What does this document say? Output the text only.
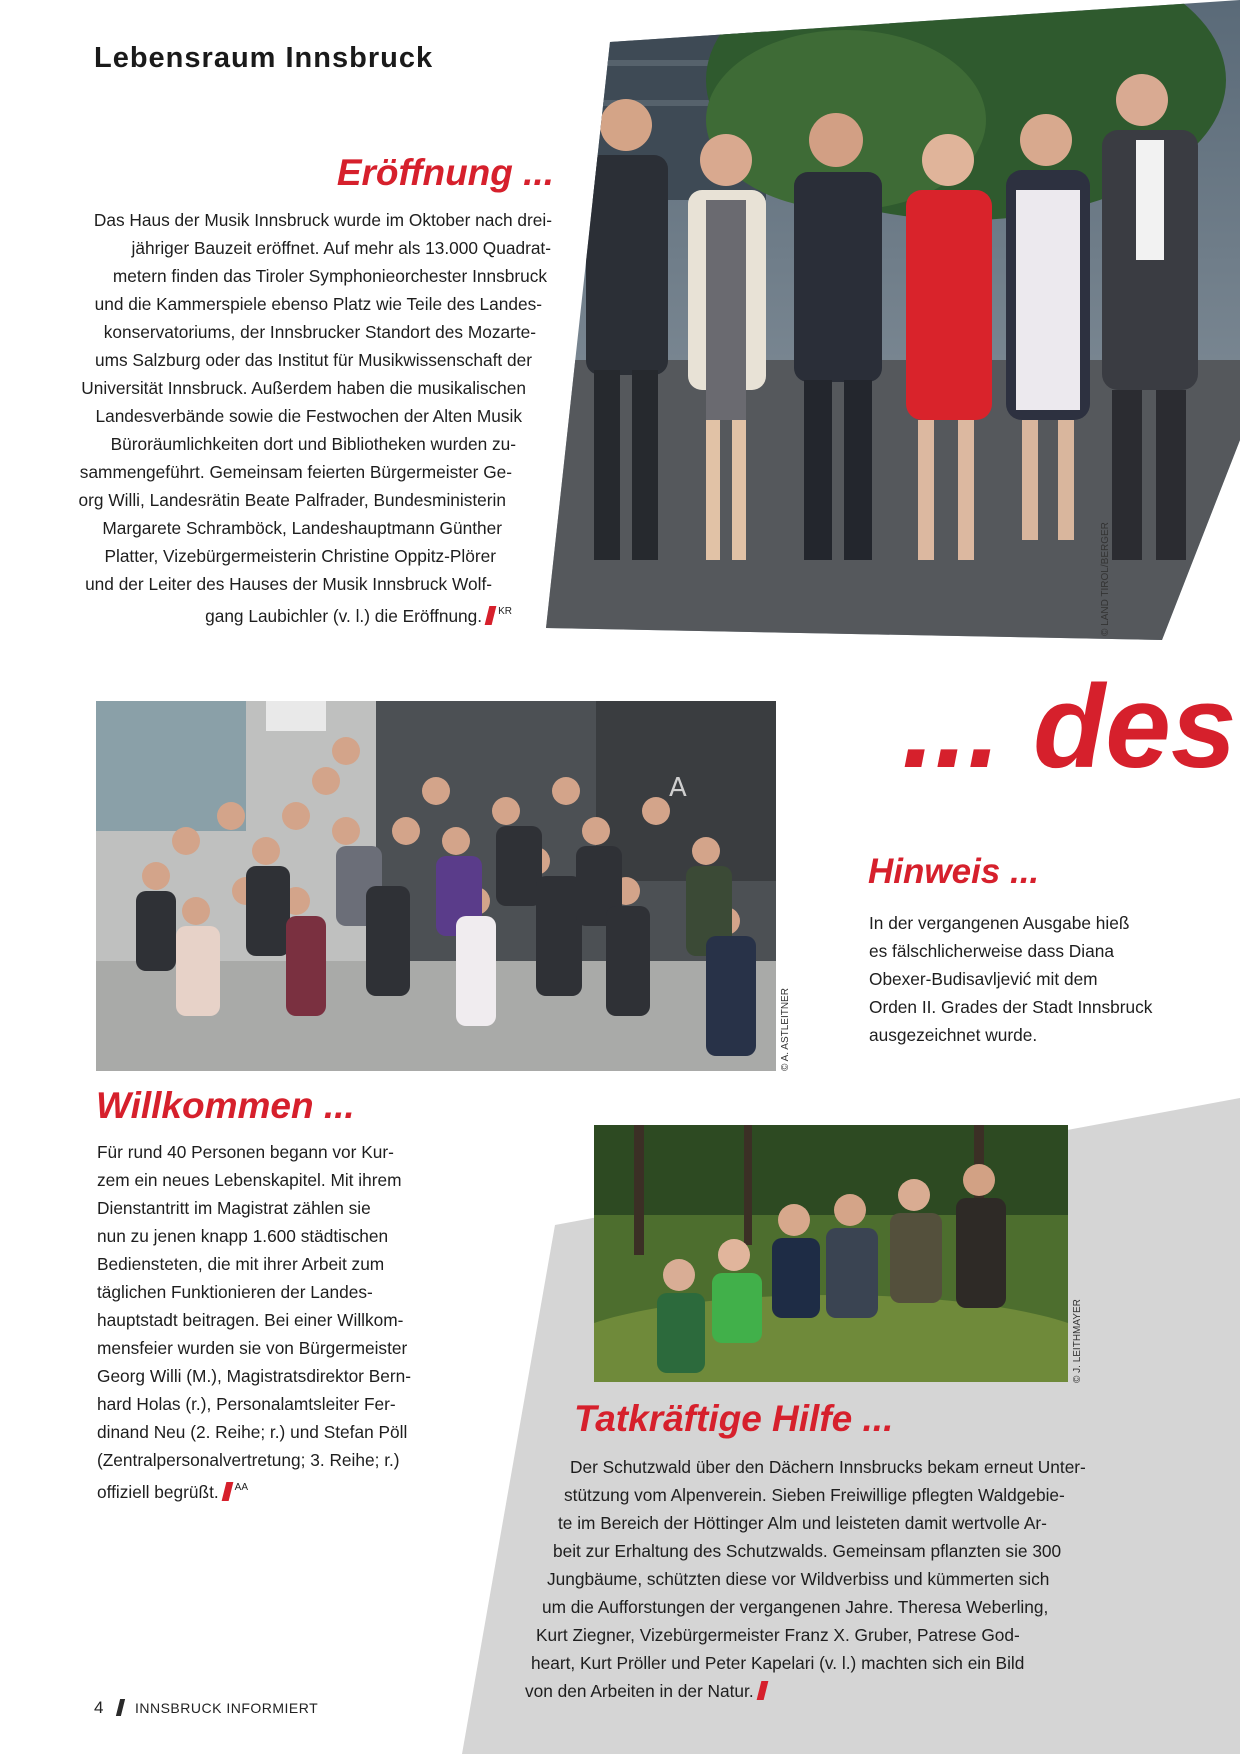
Lebensraum Innsbruck
© LAND TIROL/BERGER
Eröffnung ...
Das Haus der Musik Innsbruck wurde im Oktober nach drei-
jähriger Bauzeit eröffnet. Auf mehr als 13.000 Quadrat-
metern finden das Tiroler Symphonieorchester Innsbruck
und die Kammerspiele ebenso Platz wie Teile des Landes-
konservatoriums, der Innsbrucker Standort des Mozarte-
ums Salzburg oder das Institut für Musikwissenschaft der
Universität Innsbruck. Außerdem haben die musikalischen
Landesverbände sowie die Festwochen der Alten Musik
Büroräumlichkeiten dort und Bibliotheken wurden zu-
sammengeführt. Gemeinsam feierten Bürgermeister Ge-
org Willi, Landesrätin Beate Palfrader, Bundesministerin
Margarete Schramböck, Landeshauptmann Günther
Platter, Vizebürgermeisterin Christine Oppitz-Plörer
und der Leiter des Hauses der Musik Innsbruck Wolf-
gang Laubichler (v. l.) die Eröffnung. $^{KR}$
... des
A
© A. ASTLEITNER
Willkommen ...
Für rund 40 Personen begann vor Kur-
zem ein neues Lebenskapitel. Mit ihrem
Dienstantritt im Magistrat zählen sie
nun zu jenen knapp 1.600 städtischen
Bediensteten, die mit ihrer Arbeit zum
täglichen Funktionieren der Landes-
hauptstadt beitragen. Bei einer Willkom-
mensfeier wurden sie von Bürgermeister
Georg Willi (M.), Magistratsdirektor Bern-
hard Holas (r.), Personalamtsleiter Fer-
dinand Neu (2. Reihe; r.) und Stefan Pöll
(Zentralpersonalvertretung; 3. Reihe; r.)
offiziell begrüßt. $^{AA}$
Hinweis ...
In der vergangenen Ausgabe hieß
es fälschlicherweise dass Diana
Obexer-Budisavljević mit dem
Orden II. Grades der Stadt Innsbruck
ausgezeichnet wurde.
© J. LEITHMAYER
Tatkräftige Hilfe ...
Der Schutzwald über den Dächern Innsbrucks bekam erneut Unter-
stützung vom Alpenverein. Sieben Freiwillige pflegten Waldgebie-
te im Bereich der Höttinger Alm und leisteten damit wertvolle Ar-
beit zur Erhaltung des Schutzwalds. Gemeinsam pflanzten sie 300
Jungbäume, schützten diese vor Wildverbiss und kümmerten sich
um die Aufforstungen der vergangenen Jahre. Theresa Weberling,
Kurt Ziegner, Vizebürgermeister Franz X. Gruber, Patrese God-
heart, Kurt Pröller und Peter Kapelari (v. l.) machten sich ein Bild
von den Arbeiten in der Natur.
4 INNSBRUCK INFORMIERT
